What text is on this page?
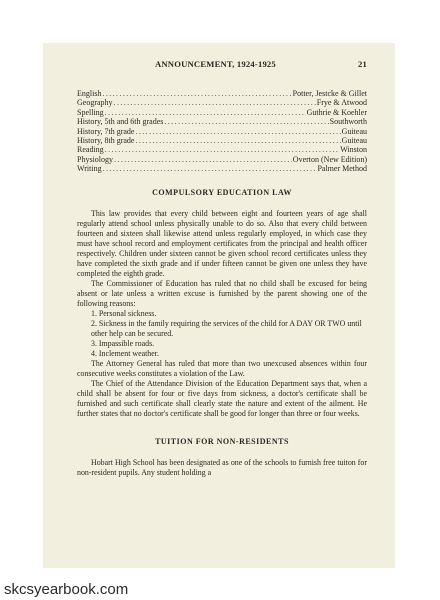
ANNOUNCEMENT, 1924-1925	21
English .....	Potter, Jestcke & Gillet
Geography .....	Frye & Atwood
Spelling .....	Guthrie & Koehler
History, 5th and 6th grades .....	Southworth
History, 7th grade .....	Guiteau
History, 8th grade .....	Guiteau
Reading .....	Winston
Physiology .....	Overton (New Edition)
Writing .....	Palmer Method
COMPULSORY EDUCATION LAW

This law provides that every child between eight and fourteen years of age shall regularly attend school unless physically unable to do so. Also that every child between fourteen and sixteen shall likewise attend unless regularly employed, in which case they must have school record and employment certificates from the principal and health officer respectively. Children under sixteen cannot be given school record certificates unless they have completed the sixth grade and if under fifteen cannot be given one unless they have completed the eighth grade.

The Commissioner of Education has ruled that no child shall be excused for being absent or late unless a written excuse is furnished by the parent showing one of the following reasons:

1. Personal sickness.
2. Sickness in the family requiring the services of the child for A DAY OR TWO until other help can be secured.
3. Impassible roads.
4. Inclement weather.

The Attorney General has ruled that more than two unexcused absences within four consecutive weeks constitutes a violation of the Law.

The Chief of the Attendance Division of the Education Department says that, when a child shall be absent for four or five days from sickness, a doctor's certificate shall be furnished and such certificate shall clearly state the nature and extent of the ailment. He further states that no doctor's certificate shall be good for longer than three or four weeks.

TUITION FOR NON-RESIDENTS

Hobart High School has been designated as one of the schools to furnish free tuiton for non-resident pupils. Any student holding a

skcsyearbook.com
